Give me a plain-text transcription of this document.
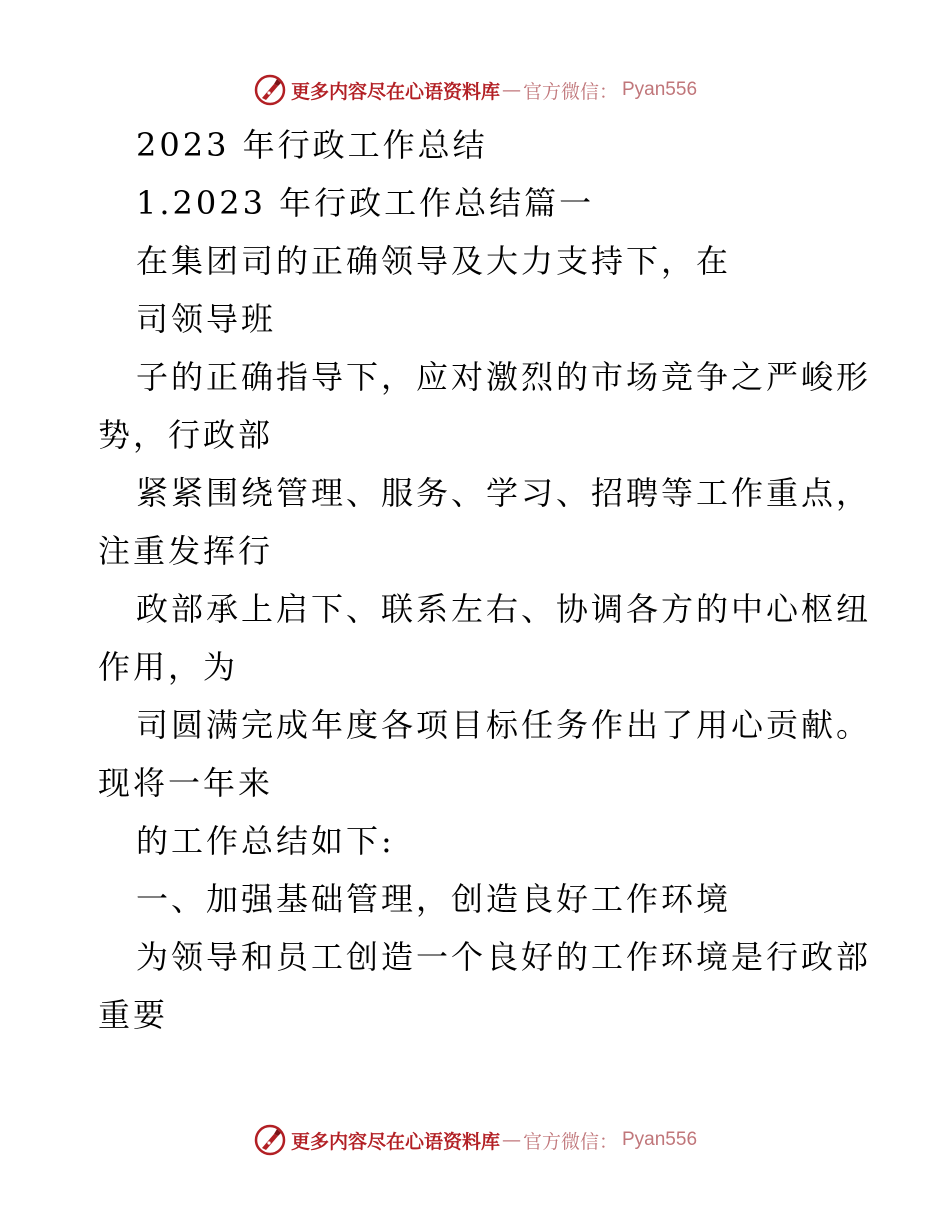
更多内容尽在心语资料库 — 官方微信： Pyan556
2023 年行政工作总结
1.2023 年行政工作总结篇一
在集团司的正确领导及大力支持下，在
司领导班
子的正确指导下，应对激烈的市场竞争之严峻形
势，行政部
紧紧围绕管理、服务、学习、招聘等工作重点，
注重发挥行
政部承上启下、联系左右、协调各方的中心枢纽
作用，为
司圆满完成年度各项目标任务作出了用心贡献。
现将一年来
的工作总结如下:
一、加强基础管理，创造良好工作环境
为领导和员工创造一个良好的工作环境是行政部
重要
更多内容尽在心语资料库 — 官方微信： Pyan556
